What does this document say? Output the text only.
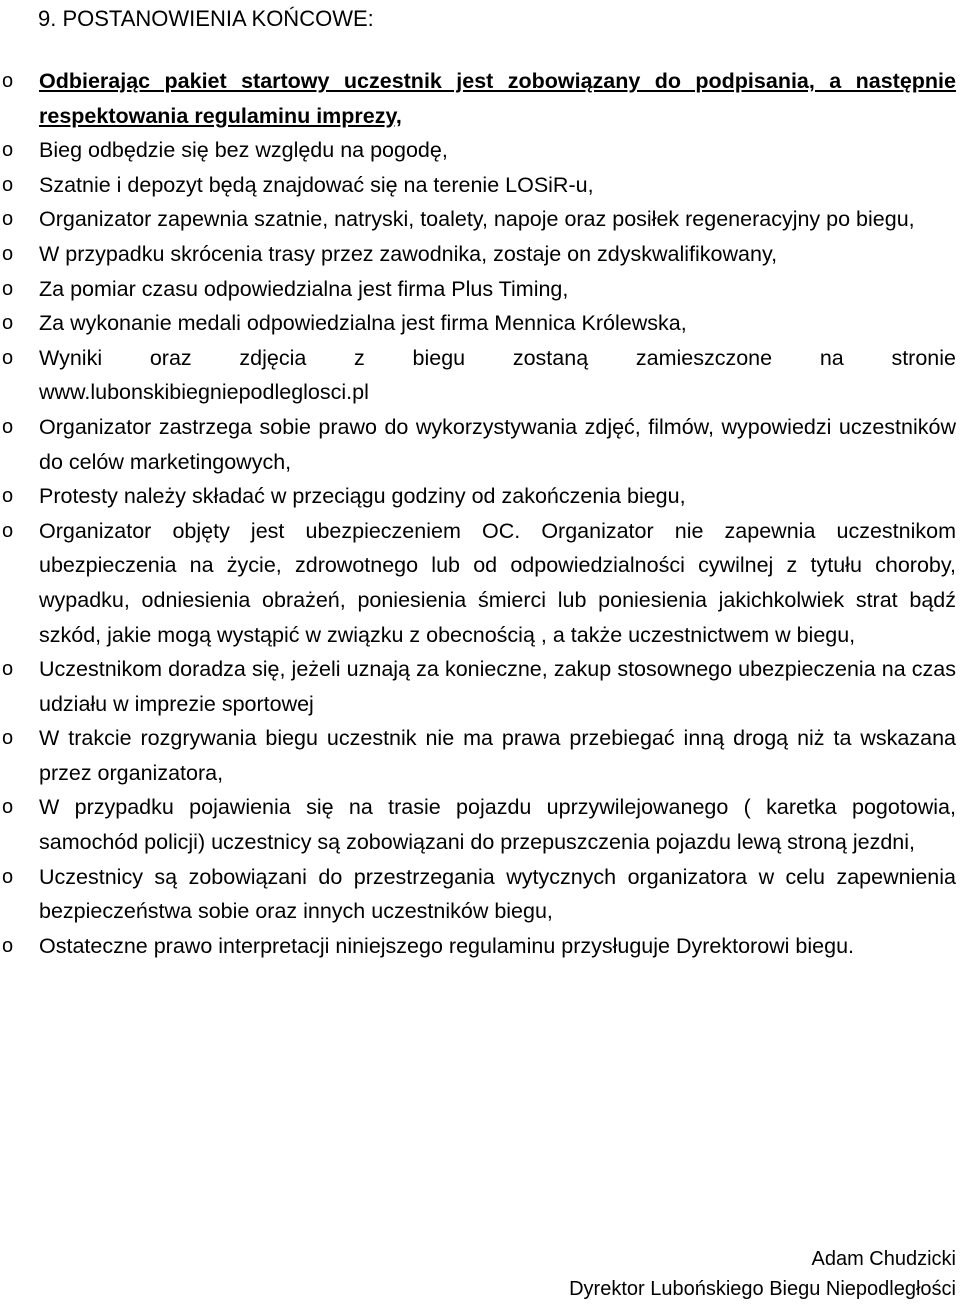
9. POSTANOWIENIA KOŃCOWE:
o	Odbierając pakiet startowy uczestnik jest zobowiązany do podpisania, a następnie respektowania regulaminu imprezy,
o	Bieg odbędzie się bez względu na pogodę,
o	Szatnie i depozyt będą znajdować się na terenie LOSiR-u,
o	Organizator zapewnia szatnie, natryski, toalety, napoje oraz posiłek regeneracyjny po biegu,
o	W przypadku skrócenia trasy przez zawodnika, zostaje on zdyskwalifikowany,
o	Za pomiar czasu odpowiedzialna jest firma Plus Timing,
o	Za wykonanie medali odpowiedzialna jest firma Mennica Królewska,
o	Wyniki oraz zdjęcia z biegu zostaną zamieszczone na stronie www.lubonskibiegniepodleglosci.pl
o	Organizator zastrzega sobie prawo do wykorzystywania zdjęć, filmów, wypowiedzi uczestników do celów marketingowych,
o	Protesty należy składać w przeciągu godziny od zakończenia biegu,
o	Organizator objęty jest ubezpieczeniem OC. Organizator nie zapewnia uczestnikom ubezpieczenia na życie, zdrowotnego lub od odpowiedzialności cywilnej z tytułu choroby, wypadku, odniesienia obrażeń, poniesienia śmierci lub poniesienia jakichkolwiek strat bądź szkód, jakie mogą wystąpić w związku z obecnością , a także uczestnictwem w biegu,
o	Uczestnikom doradza się, jeżeli uznają za konieczne, zakup stosownego ubezpieczenia na czas udziału w imprezie sportowej
o	W trakcie rozgrywania biegu uczestnik nie ma prawa przebiegać inną drogą niż ta wskazana przez organizatora,
o	W przypadku pojawienia się na trasie pojazdu uprzywilejowanego ( karetka pogotowia, samochód policji) uczestnicy są zobowiązani do przepuszczenia pojazdu lewą stroną jezdni,
o	Uczestnicy są zobowiązani do przestrzegania wytycznych organizatora w celu zapewnienia bezpieczeństwa sobie oraz innych uczestników biegu,
o	Ostateczne prawo interpretacji niniejszego regulaminu przysługuje Dyrektorowi biegu.
Adam Chudzicki
Dyrektor Lubońskiego Biegu Niepodległości
